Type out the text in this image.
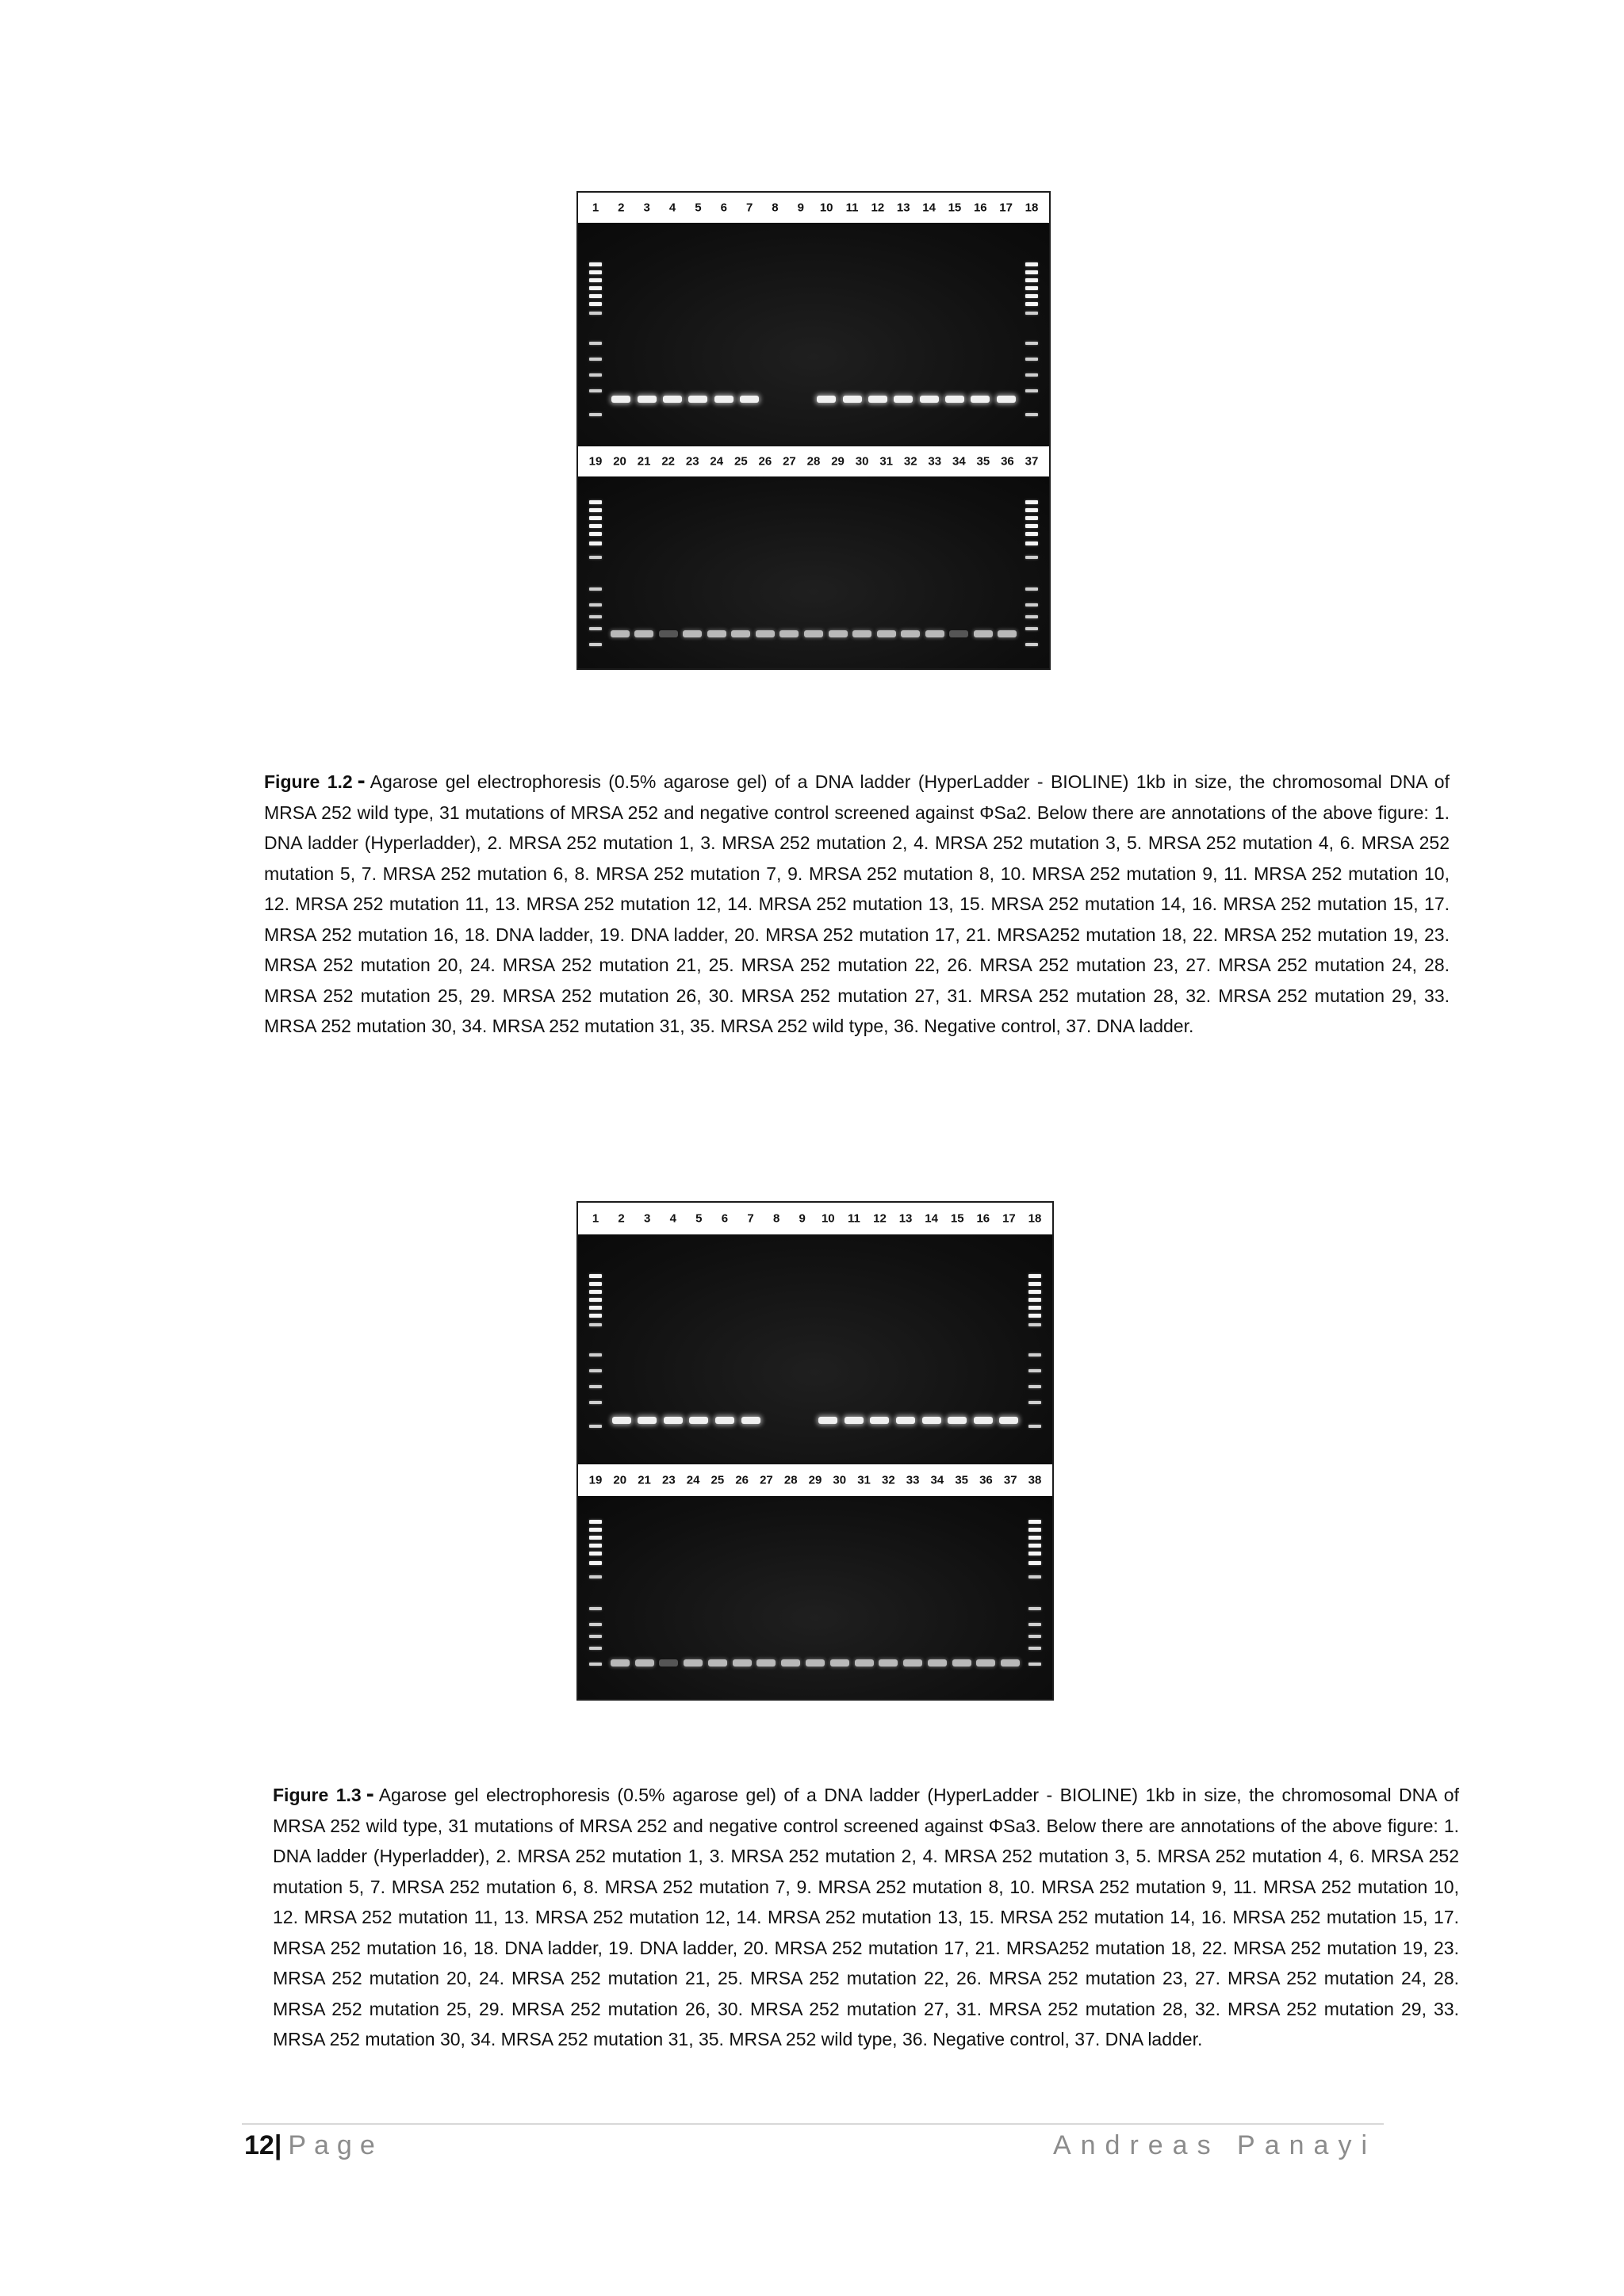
1 2 3 4 5 6 7 8 9 10 11 12 13 14 15 16 17 18
19 20 21 22 23 24 25 26 27 28 29 30 31 32 33 34 35 36 37
Figure 1.2 - Agarose gel electrophoresis (0.5% agarose gel) of a DNA ladder (HyperLadder - BIOLINE) 1kb in size, the chromosomal DNA of MRSA 252 wild type, 31 mutations of MRSA 252 and negative control screened against ΦSa2. Below there are annotations of the above figure: 1. DNA ladder (Hyperladder), 2. MRSA 252 mutation 1, 3. MRSA 252 mutation 2, 4. MRSA 252 mutation 3, 5. MRSA 252 mutation 4, 6. MRSA 252 mutation 5, 7. MRSA 252 mutation 6, 8. MRSA 252 mutation 7, 9. MRSA 252 mutation 8, 10. MRSA 252 mutation 9, 11. MRSA 252 mutation 10, 12. MRSA 252 mutation 11, 13. MRSA 252 mutation 12, 14. MRSA 252 mutation 13, 15. MRSA 252 mutation 14, 16. MRSA 252 mutation 15, 17. MRSA 252 mutation 16, 18. DNA ladder, 19. DNA ladder, 20. MRSA 252 mutation 17, 21. MRSA252 mutation 18, 22. MRSA 252 mutation 19, 23. MRSA 252 mutation 20, 24. MRSA 252 mutation 21, 25. MRSA 252 mutation 22, 26. MRSA 252 mutation 23, 27. MRSA 252 mutation 24, 28. MRSA 252 mutation 25, 29. MRSA 252 mutation 26, 30. MRSA 252 mutation 27, 31. MRSA 252 mutation 28, 32. MRSA 252 mutation 29, 33. MRSA 252 mutation 30, 34. MRSA 252 mutation 31, 35. MRSA 252 wild type, 36. Negative control, 37. DNA ladder.
1 2 3 4 5 6 7 8 9 10 11 12 13 14 15 16 17 18
19 20 21 23 24 25 26 27 28 29 30 31 32 33 34 35 36 37 38
Figure 1.3 - Agarose gel electrophoresis (0.5% agarose gel) of a DNA ladder (HyperLadder - BIOLINE) 1kb in size, the chromosomal DNA of MRSA 252 wild type, 31 mutations of MRSA 252 and negative control screened against ΦSa3. Below there are annotations of the above figure: 1. DNA ladder (Hyperladder), 2. MRSA 252 mutation 1, 3. MRSA 252 mutation 2, 4. MRSA 252 mutation 3, 5. MRSA 252 mutation 4, 6. MRSA 252 mutation 5, 7. MRSA 252 mutation 6, 8. MRSA 252 mutation 7, 9. MRSA 252 mutation 8, 10. MRSA 252 mutation 9, 11. MRSA 252 mutation 10, 12. MRSA 252 mutation 11, 13. MRSA 252 mutation 12, 14. MRSA 252 mutation 13, 15. MRSA 252 mutation 14, 16. MRSA 252 mutation 15, 17. MRSA 252 mutation 16, 18. DNA ladder, 19. DNA ladder, 20. MRSA 252 mutation 17, 21. MRSA252 mutation 18, 22. MRSA 252 mutation 19, 23. MRSA 252 mutation 20, 24. MRSA 252 mutation 21, 25. MRSA 252 mutation 22, 26. MRSA 252 mutation 23, 27. MRSA 252 mutation 24, 28. MRSA 252 mutation 25, 29. MRSA 252 mutation 26, 30. MRSA 252 mutation 27, 31. MRSA 252 mutation 28, 32. MRSA 252 mutation 29, 33. MRSA 252 mutation 30, 34. MRSA 252 mutation 31, 35. MRSA 252 wild type, 36. Negative control, 37. DNA ladder.
12| Page	Andreas Panayi
